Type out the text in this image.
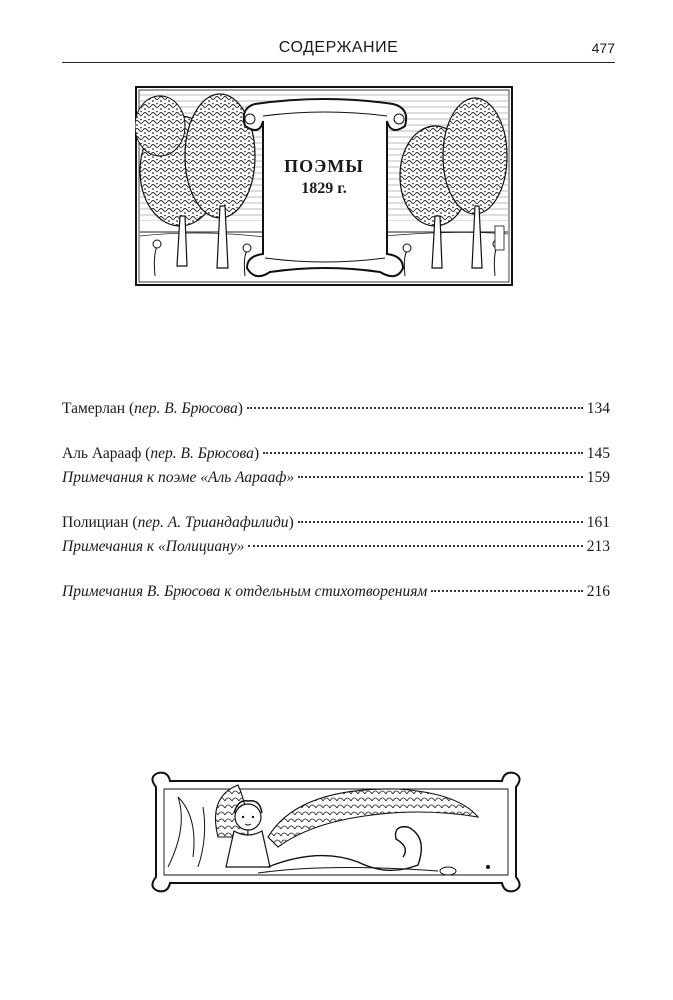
СОДЕРЖАНИЕ	477
ПОЭМЫ
1829 г.
Тамерлан (пер. В. Брюсова)	134
Аль Аарааф (пер. В. Брюсова)	145
Примечания к поэме «Аль Аарааф»	159
Полициан (пер. А. Триандафилиди)	161
Примечания к «Полициану»	213
Примечания В. Брюсова к отдельным стихотворениям	216
